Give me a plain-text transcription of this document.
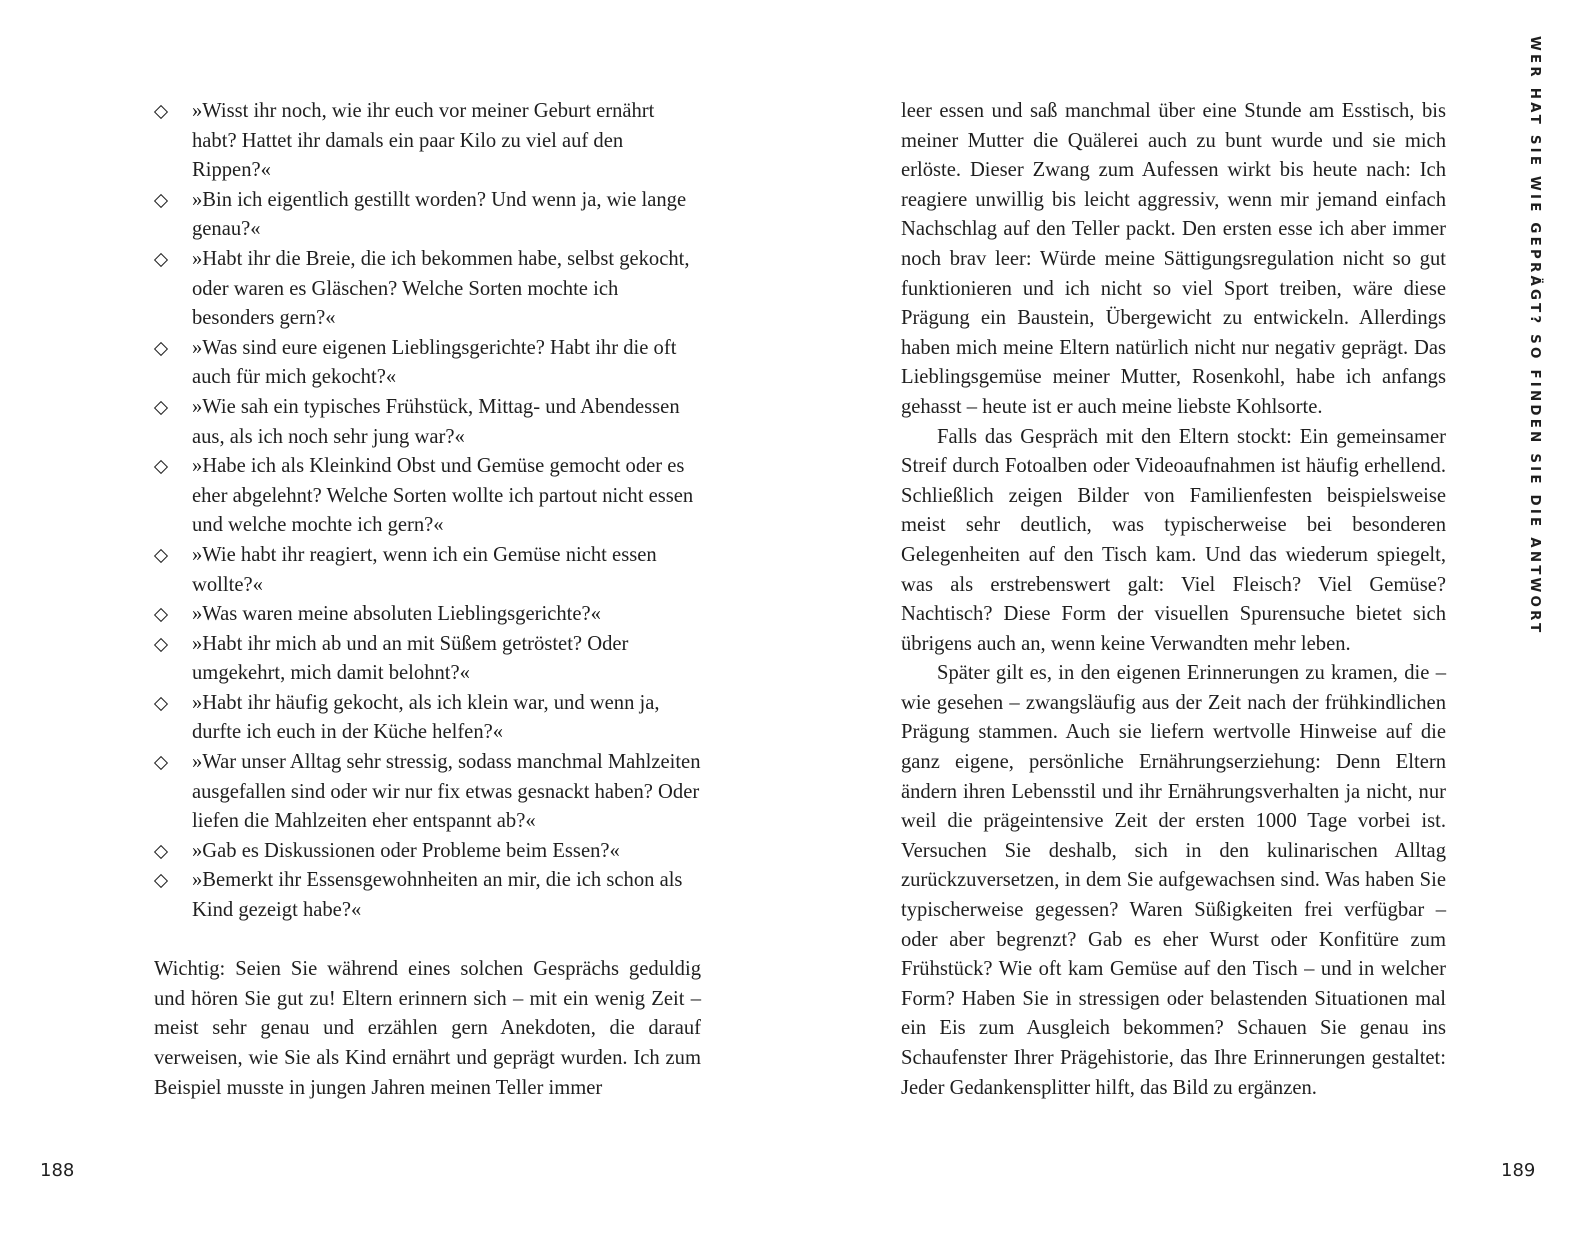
»Wisst ihr noch, wie ihr euch vor meiner Geburt ernährt habt? Hattet ihr damals ein paar Kilo zu viel auf den Rippen?«
»Bin ich eigentlich gestillt worden? Und wenn ja, wie lange genau?«
»Habt ihr die Breie, die ich bekommen habe, selbst gekocht, oder waren es Gläschen? Welche Sorten mochte ich besonders gern?«
»Was sind eure eigenen Lieblingsgerichte? Habt ihr die oft auch für mich gekocht?«
»Wie sah ein typisches Frühstück, Mittag- und Abendessen aus, als ich noch sehr jung war?«
»Habe ich als Kleinkind Obst und Gemüse gemocht oder es eher abgelehnt? Welche Sorten wollte ich partout nicht essen und welche mochte ich gern?«
»Wie habt ihr reagiert, wenn ich ein Gemüse nicht essen wollte?«
»Was waren meine absoluten Lieblingsgerichte?«
»Habt ihr mich ab und an mit Süßem getröstet? Oder umgekehrt, mich damit belohnt?«
»Habt ihr häufig gekocht, als ich klein war, und wenn ja, durfte ich euch in der Küche helfen?«
»War unser Alltag sehr stressig, sodass manchmal Mahlzeiten ausgefallen sind oder wir nur fix etwas gesnackt haben? Oder liefen die Mahlzeiten eher entspannt ab?«
»Gab es Diskussionen oder Probleme beim Essen?«
»Bemerkt ihr Essensgewohnheiten an mir, die ich schon als Kind gezeigt habe?«

Wichtig: Seien Sie während eines solchen Gesprächs geduldig und hören Sie gut zu! Eltern erinnern sich – mit ein wenig Zeit – meist sehr genau und erzählen gern Anekdoten, die darauf verweisen, wie Sie als Kind ernährt und geprägt wurden. Ich zum Beispiel musste in jungen Jahren meinen Teller immer

188

leer essen und saß manchmal über eine Stunde am Esstisch, bis meiner Mutter die Quälerei auch zu bunt wurde und sie mich erlöste. Dieser Zwang zum Aufessen wirkt bis heute nach: Ich reagiere unwillig bis leicht aggressiv, wenn mir jemand einfach Nachschlag auf den Teller packt. Den ersten esse ich aber immer noch brav leer: Würde meine Sättigungsregulation nicht so gut funktionieren und ich nicht so viel Sport treiben, wäre diese Prägung ein Baustein, Übergewicht zu entwickeln. Allerdings haben mich meine Eltern natürlich nicht nur negativ geprägt. Das Lieblingsgemüse meiner Mutter, Rosenkohl, habe ich anfangs gehasst – heute ist er auch meine liebste Kohlsorte.

Falls das Gespräch mit den Eltern stockt: Ein gemeinsamer Streif durch Fotoalben oder Videoaufnahmen ist häufig erhellend. Schließlich zeigen Bilder von Familienfesten beispielsweise meist sehr deutlich, was typischerweise bei besonderen Gelegenheiten auf den Tisch kam. Und das wiederum spiegelt, was als erstrebenswert galt: Viel Fleisch? Viel Gemüse? Nachtisch? Diese Form der visuellen Spurensuche bietet sich übrigens auch an, wenn keine Verwandten mehr leben.

Später gilt es, in den eigenen Erinnerungen zu kramen, die – wie gesehen – zwangsläufig aus der Zeit nach der frühkindlichen Prägung stammen. Auch sie liefern wertvolle Hinweise auf die ganz eigene, persönliche Ernährungserziehung: Denn Eltern ändern ihren Lebensstil und ihr Ernährungsverhalten ja nicht, nur weil die prägeintensive Zeit der ersten 1000 Tage vorbei ist. Versuchen Sie deshalb, sich in den kulinarischen Alltag zurückzuversetzen, in dem Sie aufgewachsen sind. Was haben Sie typischerweise gegessen? Waren Süßigkeiten frei verfügbar – oder aber begrenzt? Gab es eher Wurst oder Konfitüre zum Frühstück? Wie oft kam Gemüse auf den Tisch – und in welcher Form? Haben Sie in stressigen oder belastenden Situationen mal ein Eis zum Ausgleich bekommen? Schauen Sie genau ins Schaufenster Ihrer Prägehistorie, das Ihre Erinnerungen gestaltet: Jeder Gedankensplitter hilft, das Bild zu ergänzen.

WER HAT SIE WIE GEPRÄGT? SO FINDEN SIE DIE ANTWORT
189
